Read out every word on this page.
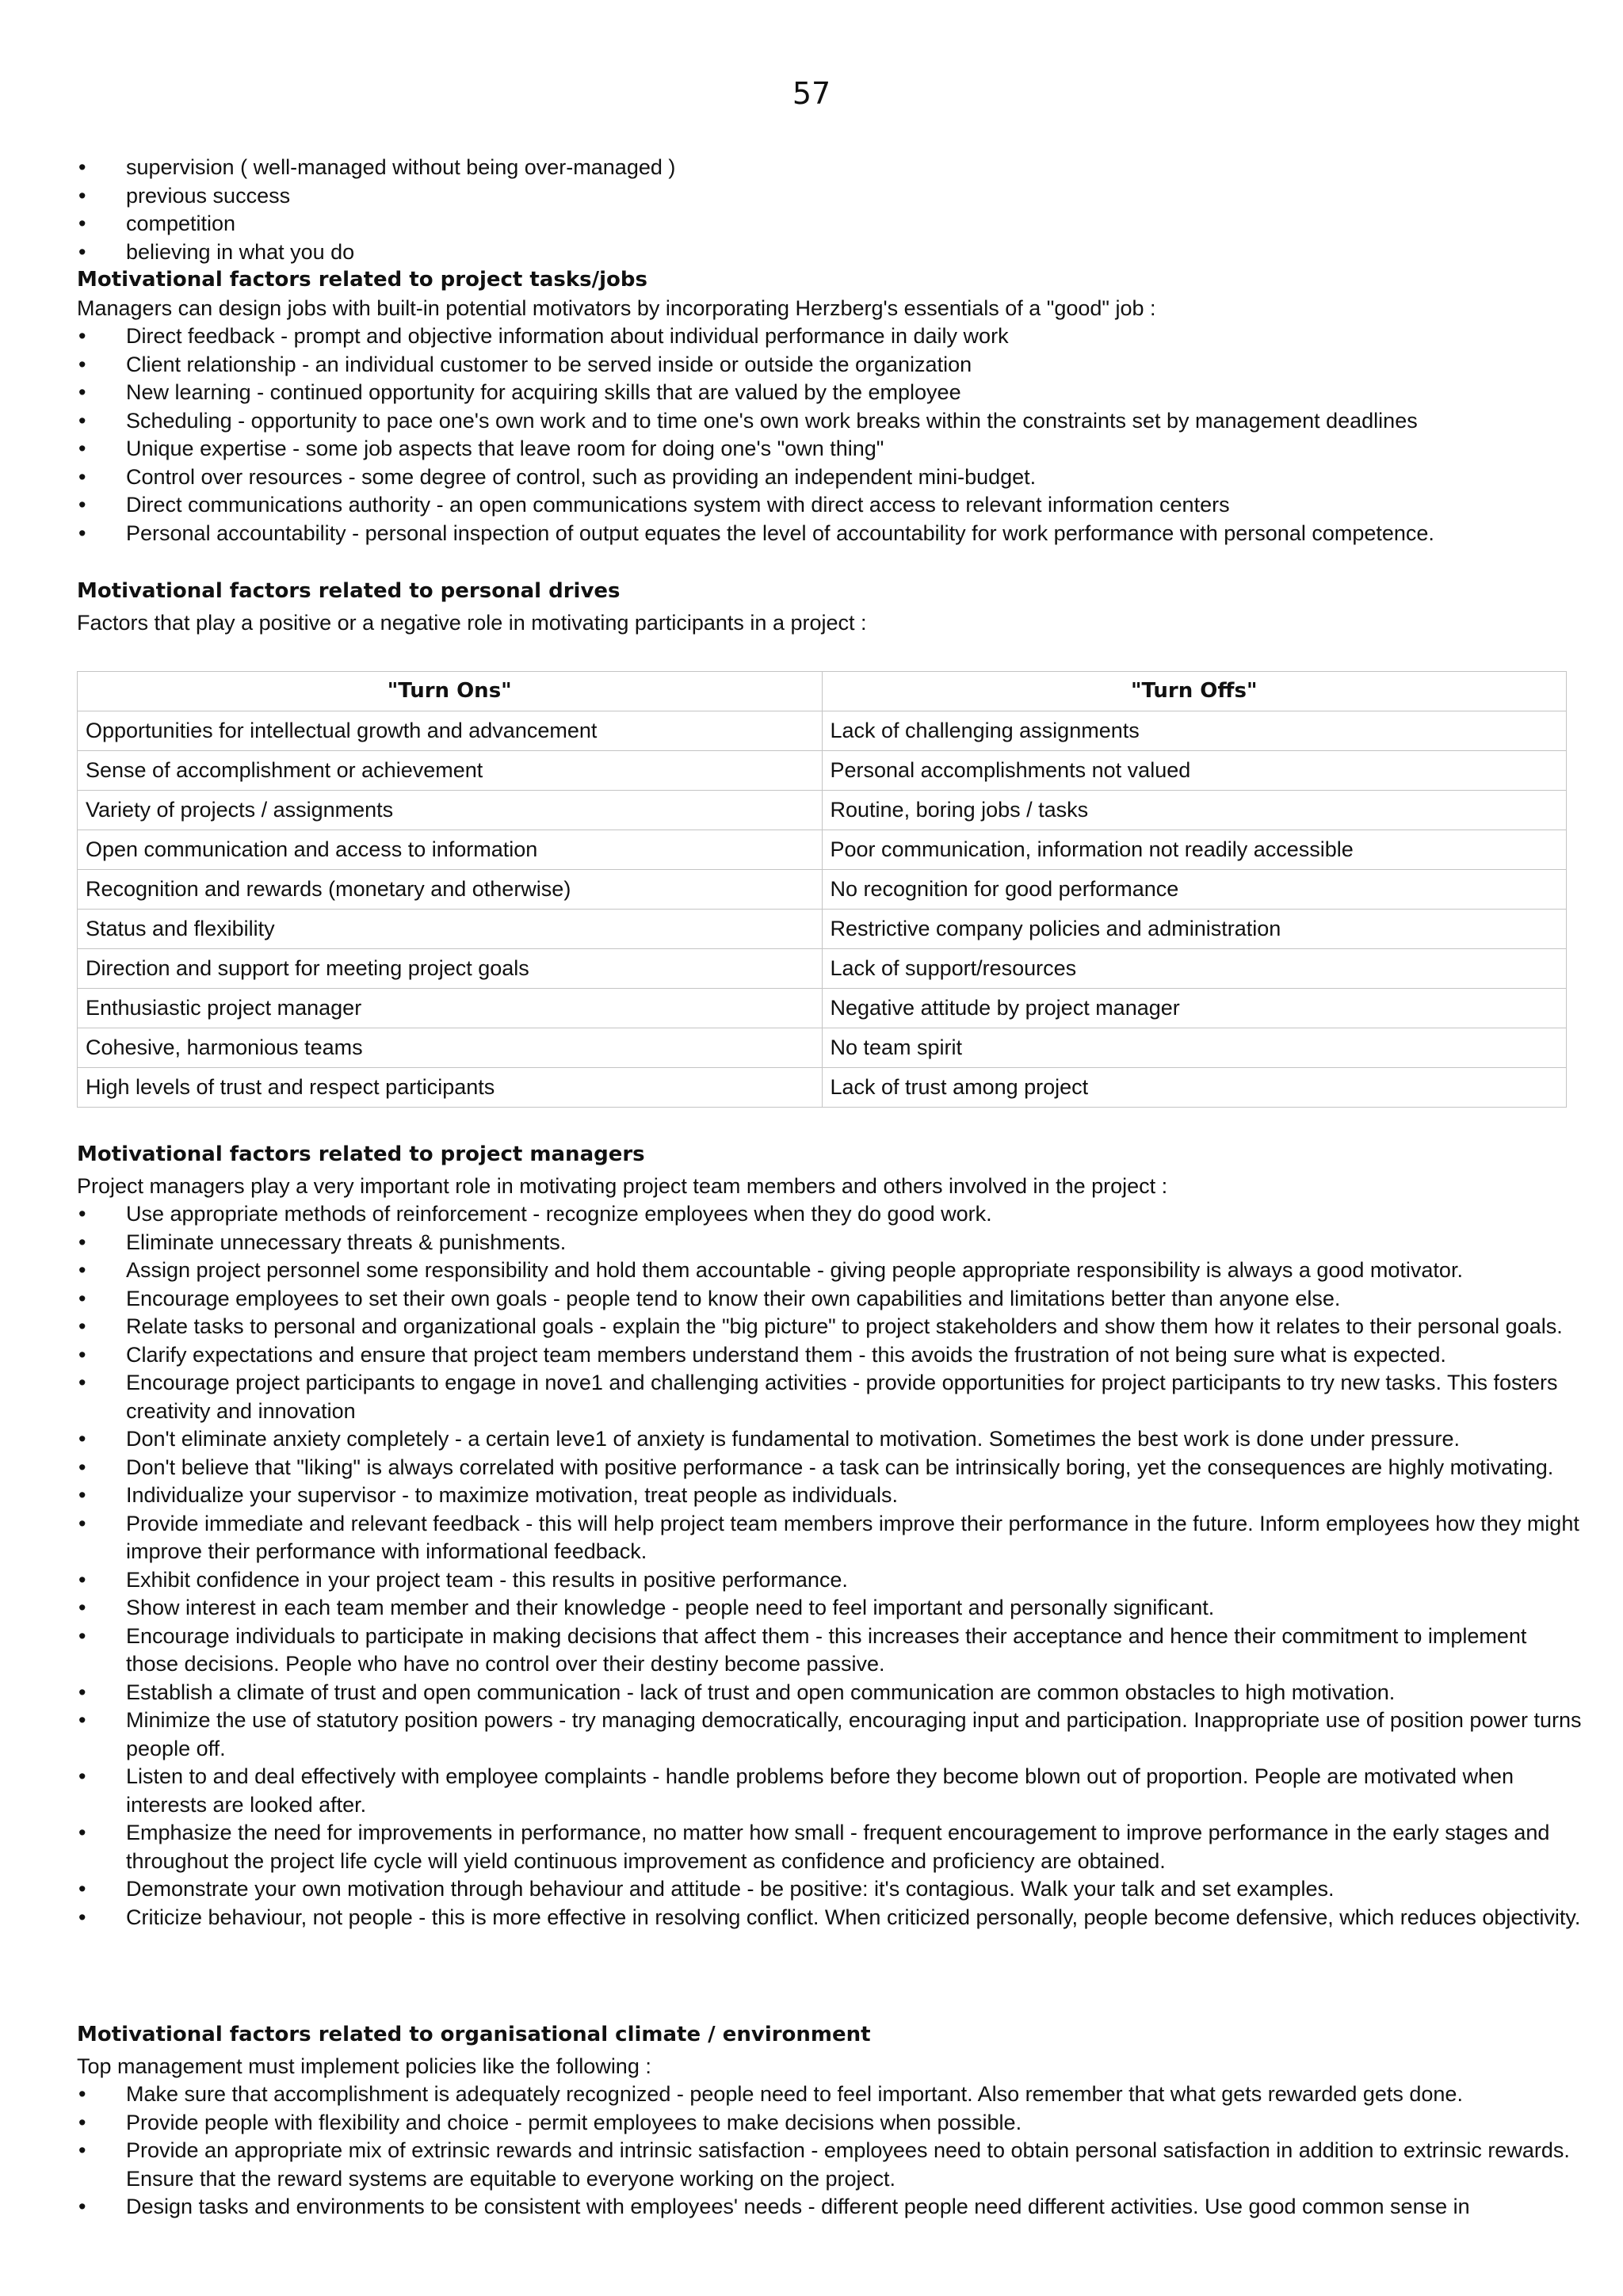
57
• supervision ( well-managed without being over-managed )
• previous success
• competition
• believing in what you do
Motivational factors related to project tasks/jobs

Managers can design jobs with built-in potential motivators by incorporating Herzberg's essentials of a "good" job :

• Direct feedback - prompt and objective information about individual performance in daily work
• Client relationship - an individual customer to be served inside or outside the organization
• New learning - continued opportunity for acquiring skills that are valued by the employee
• Scheduling - opportunity to pace one's own work and to time one's own work breaks within the constraints set by management deadlines
• Unique expertise - some job aspects that leave room for doing one's "own thing"
• Control over resources - some degree of control, such as providing an independent mini-budget.
• Direct communications authority - an open communications system with direct access to relevant information centers
• Personal accountability - personal inspection of output equates the level of accountability for work performance with personal competence.
Motivational factors related to personal drives

Factors that play a positive or a negative role in motivating participants in a project :

"Turn Ons"	"Turn Offs"
Opportunities for intellectual growth and advancement	Lack of challenging assignments
Sense of accomplishment or achievement	Personal accomplishments not valued
Variety of projects / assignments	Routine, boring jobs / tasks
Open communication and access to information	Poor communication, information not readily accessible
Recognition and rewards (monetary and otherwise)	No recognition for good performance
Status and flexibility	Restrictive company policies and administration
Direction and support for meeting project goals	Lack of support/resources
Enthusiastic project manager	Negative attitude by project manager
Cohesive, harmonious teams	No team spirit
High levels of trust and respect participants	Lack of trust among project
Motivational factors related to project managers

Project managers play a very important role in motivating project team members and others involved in the project :

• Use appropriate methods of reinforcement - recognize employees when they do good work.
• Eliminate unnecessary threats & punishments.
• Assign project personnel some responsibility and hold them accountable - giving people appropriate responsibility is always a good motivator.
• Encourage employees to set their own goals - people tend to know their own capabilities and limitations better than anyone else.
• Relate tasks to personal and organizational goals - explain the "big picture" to project stakeholders and show them how it relates to their personal goals.
• Clarify expectations and ensure that project team members understand them - this avoids the frustration of not being sure what is expected.
• Encourage project participants to engage in nove1 and challenging activities - provide opportunities for project participants to try new tasks. This fosters creativity and innovation
• Don't eliminate anxiety completely - a certain leve1 of anxiety is fundamental to motivation. Sometimes the best work is done under pressure.
• Don't believe that "liking" is always correlated with positive performance - a task can be intrinsically boring, yet the consequences are highly motivating.
• Individualize your supervisor - to maximize motivation, treat people as individuals.
• Provide immediate and relevant feedback - this will help project team members improve their performance in the future. Inform employees how they might improve their performance with informational feedback.
• Exhibit confidence in your project team - this results in positive performance.
• Show interest in each team member and their knowledge - people need to feel important and personally significant.
• Encourage individuals to participate in making decisions that affect them - this increases their acceptance and hence their commitment to implement those decisions. People who have no control over their destiny become passive.
• Establish a climate of trust and open communication - lack of trust and open communication are common obstacles to high motivation.
• Minimize the use of statutory position powers - try managing democratically, encouraging input and participation. Inappropriate use of position power turns people off.
• Listen to and deal effectively with employee complaints - handle problems before they become blown out of proportion. People are motivated when interests are looked after.
• Emphasize the need for improvements in performance, no matter how small - frequent encouragement to improve performance in the early stages and throughout the project life cycle will yield continuous improvement as confidence and proficiency are obtained.
• Demonstrate your own motivation through behaviour and attitude - be positive: it's contagious. Walk your talk and set examples.
• Criticize behaviour, not people - this is more effective in resolving conflict. When criticized personally, people become defensive, which reduces objectivity.
Motivational factors related to organisational climate / environment

Top management must implement policies like the following :

• Make sure that accomplishment is adequately recognized - people need to feel important. Also remember that what gets rewarded gets done.
• Provide people with flexibility and choice - permit employees to make decisions when possible.
• Provide an appropriate mix of extrinsic rewards and intrinsic satisfaction - employees need to obtain personal satisfaction in addition to extrinsic rewards. Ensure that the reward systems are equitable to everyone working on the project.
• Design tasks and environments to be consistent with employees' needs - different people need different activities. Use good common sense in
